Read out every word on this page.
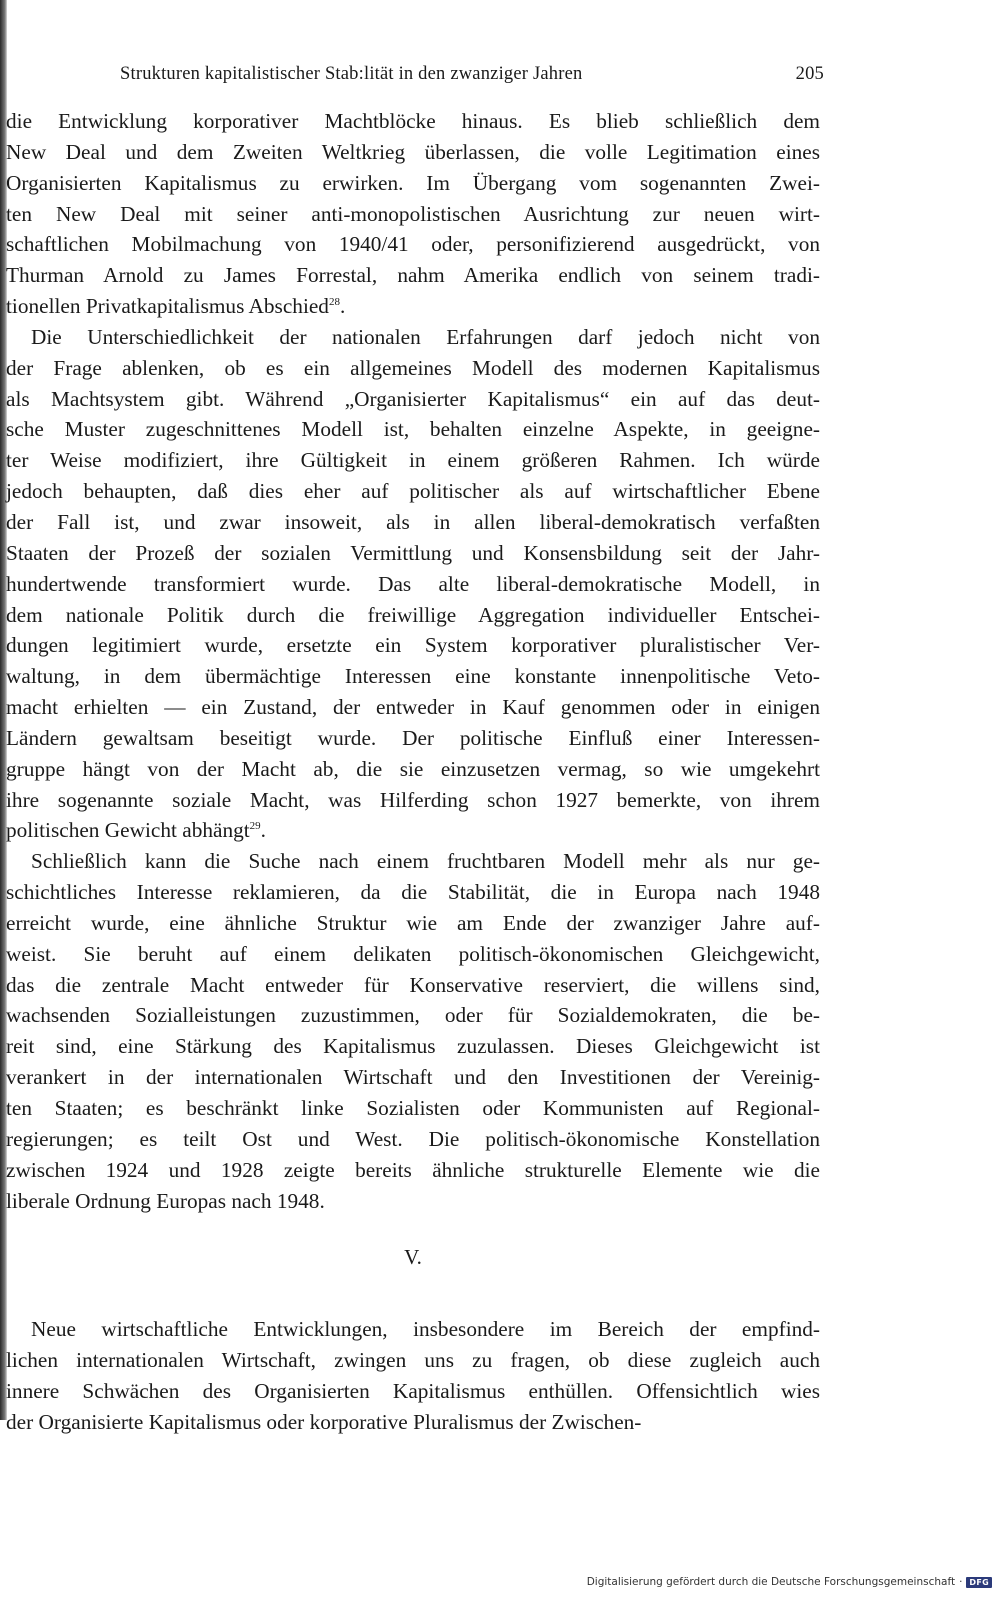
Strukturen kapitalistischer Stab:lität in den zwanziger Jahren	205
die Entwicklung korporativer Machtblöcke hinaus. Es blieb schließlich dem
New Deal und dem Zweiten Weltkrieg überlassen, die volle Legitimation eines
Organisierten Kapitalismus zu erwirken. Im Übergang vom sogenannten Zwei-
ten New Deal mit seiner anti-monopolistischen Ausrichtung zur neuen wirt-
schaftlichen Mobilmachung von 1940/41 oder, personifizierend ausgedrückt, von
Thurman Arnold zu James Forrestal, nahm Amerika endlich von seinem tradi-
tionellen Privatkapitalismus Abschied$^{28}$.
Die Unterschiedlichkeit der nationalen Erfahrungen darf jedoch nicht von
der Frage ablenken, ob es ein allgemeines Modell des modernen Kapitalismus
als Machtsystem gibt. Während „Organisierter Kapitalismus“ ein auf das deut-
sche Muster zugeschnittenes Modell ist, behalten einzelne Aspekte, in geeigne-
ter Weise modifiziert, ihre Gültigkeit in einem größeren Rahmen. Ich würde
jedoch behaupten, daß dies eher auf politischer als auf wirtschaftlicher Ebene
der Fall ist, und zwar insoweit, als in allen liberal-demokratisch verfaßten
Staaten der Prozeß der sozialen Vermittlung und Konsensbildung seit der Jahr-
hundertwende transformiert wurde. Das alte liberal-demokratische Modell, in
dem nationale Politik durch die freiwillige Aggregation individueller Entschei-
dungen legitimiert wurde, ersetzte ein System korporativer pluralistischer Ver-
waltung, in dem übermächtige Interessen eine konstante innenpolitische Veto-
macht erhielten — ein Zustand, der entweder in Kauf genommen oder in einigen
Ländern gewaltsam beseitigt wurde. Der politische Einfluß einer Interessen-
gruppe hängt von der Macht ab, die sie einzusetzen vermag, so wie umgekehrt
ihre sogenannte soziale Macht, was Hilferding schon 1927 bemerkte, von ihrem
politischen Gewicht abhängt$^{29}$.
Schließlich kann die Suche nach einem fruchtbaren Modell mehr als nur ge-
schichtliches Interesse reklamieren, da die Stabilität, die in Europa nach 1948
erreicht wurde, eine ähnliche Struktur wie am Ende der zwanziger Jahre auf-
weist. Sie beruht auf einem delikaten politisch-ökonomischen Gleichgewicht,
das die zentrale Macht entweder für Konservative reserviert, die willens sind,
wachsenden Sozialleistungen zuzustimmen, oder für Sozialdemokraten, die be-
reit sind, eine Stärkung des Kapitalismus zuzulassen. Dieses Gleichgewicht ist
verankert in der internationalen Wirtschaft und den Investitionen der Vereinig-
ten Staaten; es beschränkt linke Sozialisten oder Kommunisten auf Regional-
regierungen; es teilt Ost und West. Die politisch-ökonomische Konstellation
zwischen 1924 und 1928 zeigte bereits ähnliche strukturelle Elemente wie die
liberale Ordnung Europas nach 1948.
V.
Neue wirtschaftliche Entwicklungen, insbesondere im Bereich der empfind-
lichen internationalen Wirtschaft, zwingen uns zu fragen, ob diese zugleich auch
innere Schwächen des Organisierten Kapitalismus enthüllen. Offensichtlich wies
der Organisierte Kapitalismus oder korporative Pluralismus der Zwischen-
Digitalisierung gefördert durch die Deutsche Forschungsgemeinschaft · DFG
